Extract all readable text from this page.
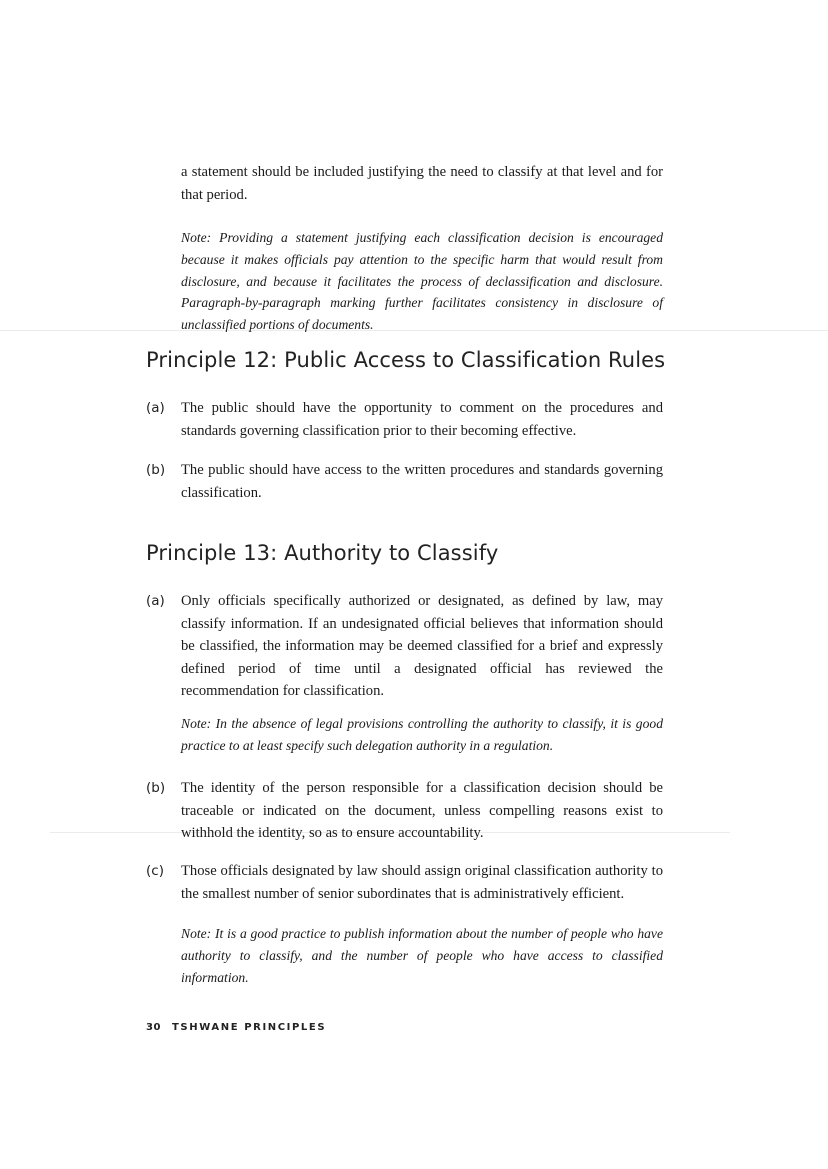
a statement should be included justifying the need to classify at that level and for that period.

Note: Providing a statement justifying each classification decision is encouraged because it makes officials pay attention to the specific harm that would result from disclosure, and because it facilitates the process of declassification and disclosure. Paragraph-by-paragraph marking further facilitates consistency in disclosure of unclassified portions of documents.

Principle 12: Public Access to Classification Rules
(a) The public should have the opportunity to comment on the procedures and standards governing classification prior to their becoming effective.

(b) The public should have access to the written procedures and standards governing classification.

Principle 13: Authority to Classify
(a) Only officials specifically authorized or designated, as defined by law, may classify information. If an undesignated official believes that information should be classified, the information may be deemed classified for a brief and expressly defined period of time until a designated official has reviewed the recommendation for classification.

Note: In the absence of legal provisions controlling the authority to classify, it is good practice to at least specify such delegation authority in a regulation.

(b) The identity of the person responsible for a classification decision should be traceable or indicated on the document, unless compelling reasons exist to withhold the identity, so as to ensure accountability.

(c) Those officials designated by law should assign original classification authority to the smallest number of senior subordinates that is administratively efficient.

Note: It is a good practice to publish information about the number of people who have authority to classify, and the number of people who have access to classified information.

30 TSHWANE PRINCIPLES
